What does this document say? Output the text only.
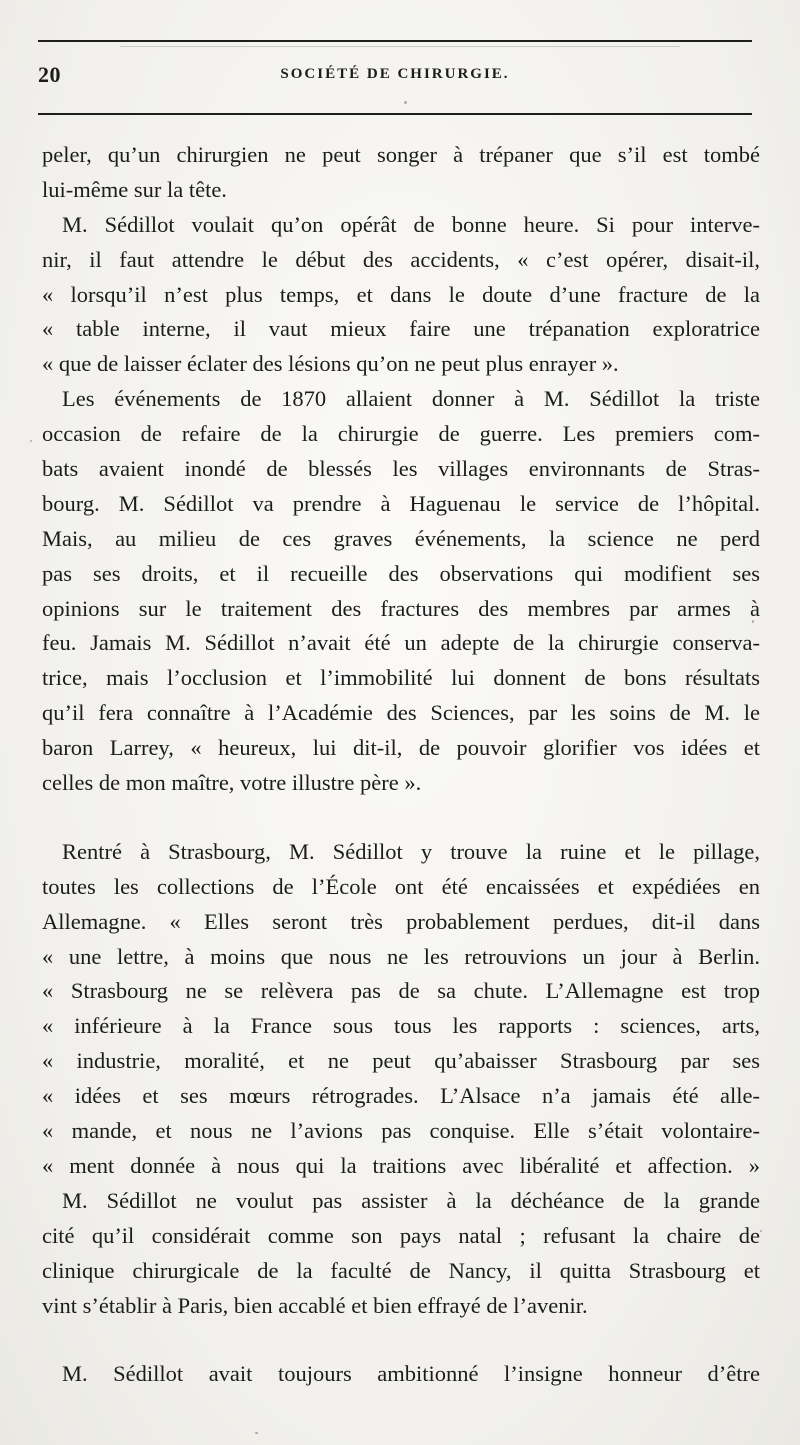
20	SOCIÉTÉ DE CHIRURGIE.
peler, qu’un chirurgien ne peut songer à trépaner que s’il est tombé
lui-même sur la tête.
M. Sédillot voulait qu’on opérât de bonne heure. Si pour interve-
nir, il faut attendre le début des accidents, « c’est opérer, disait-il,
« lorsqu’il n’est plus temps, et dans le doute d’une fracture de la
« table interne, il vaut mieux faire une trépanation exploratrice
« que de laisser éclater des lésions qu’on ne peut plus enrayer ».
Les événements de 1870 allaient donner à M. Sédillot la triste
occasion de refaire de la chirurgie de guerre. Les premiers com-
bats avaient inondé de blessés les villages environnants de Stras-
bourg. M. Sédillot va prendre à Haguenau le service de l’hôpital.
Mais, au milieu de ces graves événements, la science ne perd
pas ses droits, et il recueille des observations qui modifient ses
opinions sur le traitement des fractures des membres par armes à
feu. Jamais M. Sédillot n’avait été un adepte de la chirurgie conserva-
trice, mais l’occlusion et l’immobilité lui donnent de bons résultats
qu’il fera connaître à l’Académie des Sciences, par les soins de M. le
baron Larrey, « heureux, lui dit-il, de pouvoir glorifier vos idées et
celles de mon maître, votre illustre père ».
Rentré à Strasbourg, M. Sédillot y trouve la ruine et le pillage,
toutes les collections de l’École ont été encaissées et expédiées en
Allemagne. « Elles seront très probablement perdues, dit-il dans
« une lettre, à moins que nous ne les retrouvions un jour à Berlin.
« Strasbourg ne se relèvera pas de sa chute. L’Allemagne est trop
« inférieure à la France sous tous les rapports : sciences, arts,
« industrie, moralité, et ne peut qu’abaisser Strasbourg par ses
« idées et ses mœurs rétrogrades. L’Alsace n’a jamais été alle-
« mande, et nous ne l’avions pas conquise. Elle s’était volontaire-
« ment donnée à nous qui la traitions avec libéralité et affection. »
M. Sédillot ne voulut pas assister à la déchéance de la grande
cité qu’il considérait comme son pays natal ; refusant la chaire de
clinique chirurgicale de la faculté de Nancy, il quitta Strasbourg et
vint s’établir à Paris, bien accablé et bien effrayé de l’avenir.
M. Sédillot avait toujours ambitionné l’insigne honneur d’être
